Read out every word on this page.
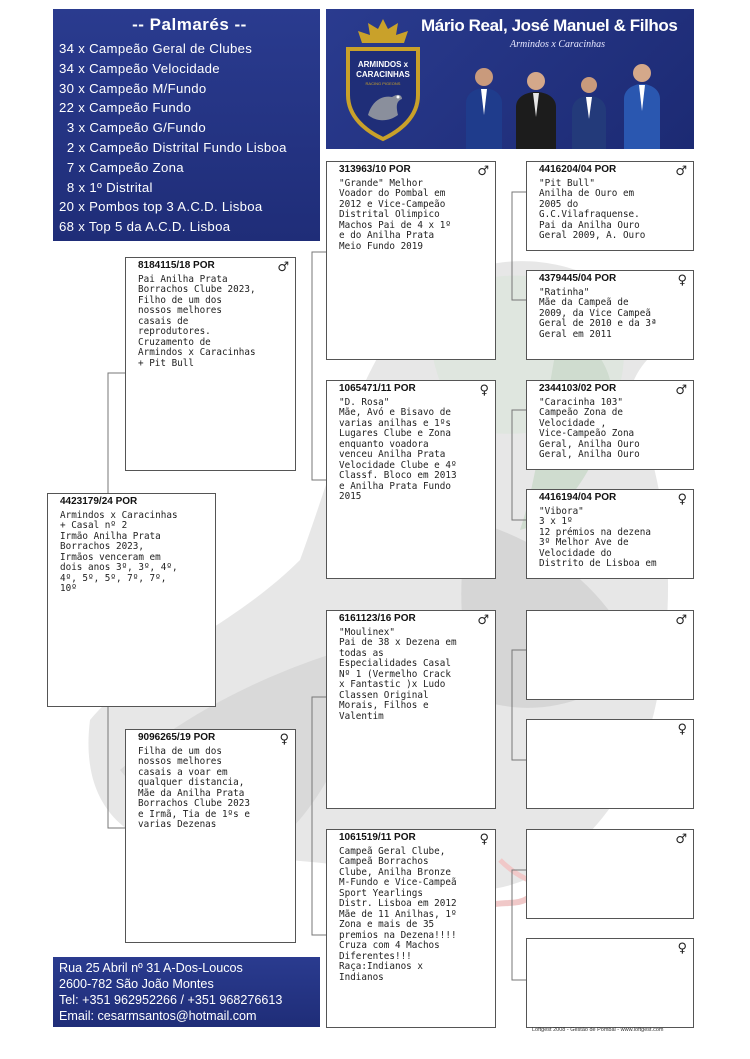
-- Palmarés --
34 x Campeão Geral de Clubes
34 x Campeão Velocidade
30 x Campeão M/Fundo
22 x Campeão Fundo
3 x Campeão G/Fundo
2 x Campeão Distrital Fundo Lisboa
7 x Campeão Zona
8 x 1º Distrital
20 x Pombos top 3 A.C.D. Lisboa
68 x Top 5 da A.C.D. Lisboa
ARMINDOS x
CARACINHAS
RACING PIGEONS
Mário Real, José Manuel & Filhos
Armindos x Caracinhas
4423179/24 POR
Armindos x Caracinhas
+ Casal nº 2
Irmão Anilha Prata
Borrachos 2023,
Irmãos venceram em
dois anos 3º, 3º, 4º,
4º, 5º, 5º, 7º, 7º,
10º
♂
8184115/18 POR
Pai Anilha Prata
Borrachos Clube 2023,
Filho de um dos
nossos melhores
casais de
reprodutores.
Cruzamento de
Armindos x Caracinhas
+ Pit Bull
♀
9096265/19 POR
Filha de um dos
nossos melhores
casais a voar em
qualquer distancia,
Mãe da Anilha Prata
Borrachos Clube 2023
e Irmã, Tia de 1ºs e
varias Dezenas
♂
313963/10 POR
"Grande" Melhor
Voador do Pombal em
2012 e Vice-Campeão
Distrital Olimpico
Machos Pai de 4 x 1º
e do Anilha Prata
Meio Fundo 2019
♀
1065471/11 POR
"D. Rosa"
Mãe, Avó e Bisavo de
varias anilhas e 1ºs
Lugares Clube e Zona
enquanto voadora
venceu Anilha Prata
Velocidade Clube e 4º
Classf. Bloco em 2013
e Anilha Prata Fundo
2015
♂
6161123/16 POR
"Moulinex"
Pai de 38 x Dezena em
todas as
Especialidades Casal
Nº 1 (Vermelho Crack
x Fantastic )x Ludo
Classen Original
Morais, Filhos e
Valentim
♀
1061519/11 POR
Campeã Geral Clube,
Campeã Borrachos
Clube, Anilha Bronze
M-Fundo e Vice-Campeã
Sport Yearlings
Distr. Lisboa em 2012
Mãe de 11 Anilhas, 1º
Zona e mais de 35
premios na Dezena!!!!
Cruza com 4 Machos
Diferentes!!!
Raça:Indianos x
Indianos
♂
4416204/04 POR
"Pit Bull"
Anilha de Ouro em
2005 do
G.C.Vilafraquense.
Pai da Anilha Ouro
Geral 2009, A. Ouro
♀
4379445/04 POR
"Ratinha"
Mãe da Campeã de
2009, da Vice Campeã
Geral de 2010 e da 3ª
Geral em 2011
♂
2344103/02 POR
"Caracinha 103"
Campeão Zona de
Velocidade ,
Vice-Campeão Zona
Geral, Anilha Ouro
Geral, Anilha Ouro
♀
4416194/04 POR
"Vibora"
3 x 1º
12 prémios na dezena
3º Melhor Ave de
Velocidade do
Distrito de Lisboa em
♂
♀
♂
♀
Rua 25 Abril nº 31 A-Dos-Loucos
2600-782 São João Montes
Tel: +351 962952266 / +351 968276613
Email: cesarmsantos@hotmail.com
Loftgest 2008 - Gestão de Pombal - www.loftgest.com
